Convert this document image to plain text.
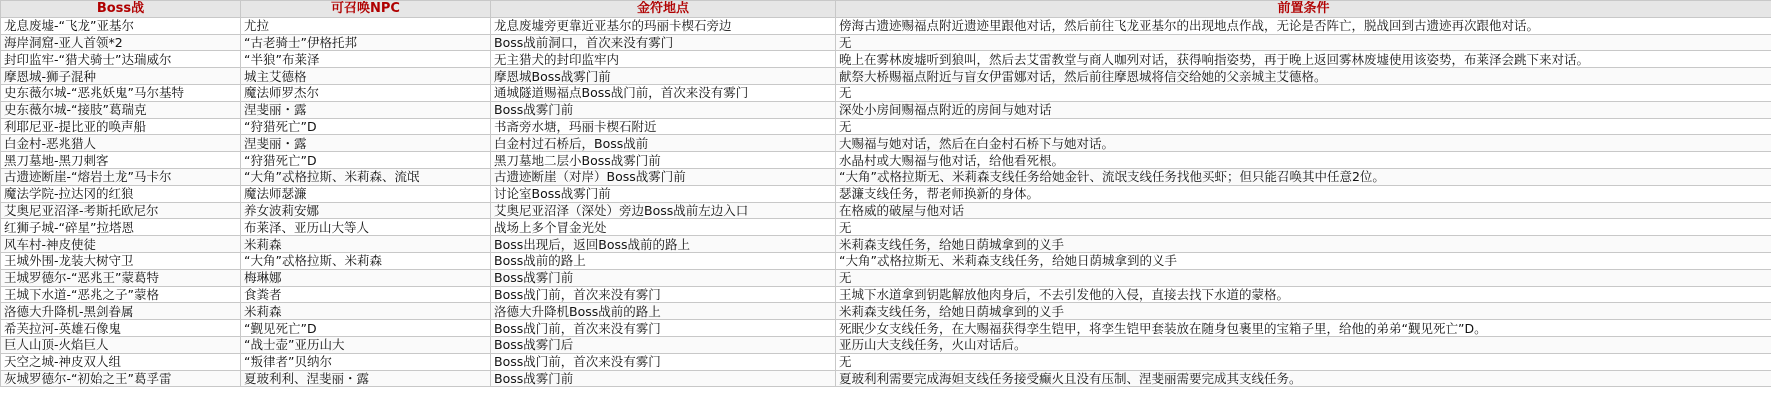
Boss战	可召唤NPC	金符地点	前置条件
龙息废墟-“飞龙”亚基尔	尤拉	龙息废墟旁更靠近亚基尔的玛丽卡楔石旁边	傍海古遗迹赐福点附近遗迹里跟他对话，然后前往飞龙亚基尔的出现地点作战，无论是否阵亡，脱战回到古遗迹再次跟他对话。
海岸洞窟-亚人首领*2	“古老骑士”伊格托邦	Boss战前洞口，首次来没有雾门	无
封印监牢-“猎犬骑士”达瑞威尔	“半狼”布莱泽	无主猎犬的封印监牢内	晚上在雾林废墟听到狼叫，然后去艾雷教堂与商人咖列对话，获得响指姿势，再于晚上返回雾林废墟使用该姿势，布莱泽会跳下来对话。
摩恩城-狮子混种	城主艾德格	摩恩城Boss战雾门前	献祭大桥赐福点附近与盲女伊雷娜对话，然后前往摩恩城将信交给她的父亲城主艾德格。
史东薇尔城-“恶兆妖鬼”马尔基特	魔法师罗杰尔	通城隧道赐福点Boss战门前，首次来没有雾门	无
史东薇尔城-“接肢”葛瑞克	涅斐丽・露	Boss战雾门前	深处小房间赐福点附近的房间与她对话
利耶尼亚-提比亚的唤声船	“狩猎死亡”D	书斋旁水塘，玛丽卡楔石附近	无
白金村-恶兆猎人	涅斐丽・露	白金村过石桥后，Boss战前	大赐福与她对话，然后在白金村石桥下与她对话。
黑刀墓地-黑刀刺客	“狩猎死亡”D	黑刀墓地二层小Boss战雾门前	水晶村或大赐福与他对话，给他看死根。
古遗迹断崖-“熔岩土龙”马卡尔	“大角”忒格拉斯、米莉森、流氓	古遗迹断崖（对岸）Boss战雾门前	“大角”忒格拉斯无、米莉森支线任务给她金针、流氓支线任务找他买虾；但只能召唤其中任意2位。
魔法学院-拉达冈的红狼	魔法师瑟濂	讨论室Boss战雾门前	瑟濂支线任务，帮老师换新的身体。
艾奥尼亚沼泽-考斯托欧尼尔	养女波莉安娜	艾奥尼亚沼泽（深处）旁边Boss战前左边入口	在格威的破屋与他对话
红狮子城-“碎星”拉塔恩	布莱泽、亚历山大等人	战场上多个冒金光处	无
风车村-神皮使徒	米莉森	Boss出现后，返回Boss战前的路上	米莉森支线任务，给她日荫城拿到的义手
王城外围-龙装大树守卫	“大角”忒格拉斯、米莉森	Boss战前的路上	“大角”忒格拉斯无、米莉森支线任务，给她日荫城拿到的义手
王城罗德尔-“恶兆王”蒙葛特	梅琳娜	Boss战雾门前	无
王城下水道-“恶兆之子”蒙格	食粪者	Boss战门前，首次来没有雾门	王城下水道拿到钥匙解放他肉身后，不去引发他的入侵，直接去找下水道的蒙格。
洛德大升降机-黑剑眷属	米莉森	洛德大升降机Boss战前的路上	米莉森支线任务，给她日荫城拿到的义手
希芙拉河-英雄石像鬼	“觐见死亡”D	Boss战门前，首次来没有雾门	死眠少女支线任务，在大赐福获得孪生铠甲，将孪生铠甲套装放在随身包裹里的宝箱子里，给他的弟弟“觐见死亡”D。
巨人山顶-火焰巨人	“战士壶”亚历山大	Boss战雾门后	亚历山大支线任务，火山对话后。
天空之城-神皮双人组	“叛律者”贝纳尔	Boss战门前，首次来没有雾门	无
灰城罗德尔-“初始之王”葛孚雷	夏玻利利、涅斐丽・露	Boss战雾门前	夏玻利利需要完成海妲支线任务接受癫火且没有压制、涅斐丽需要完成其支线任务。
